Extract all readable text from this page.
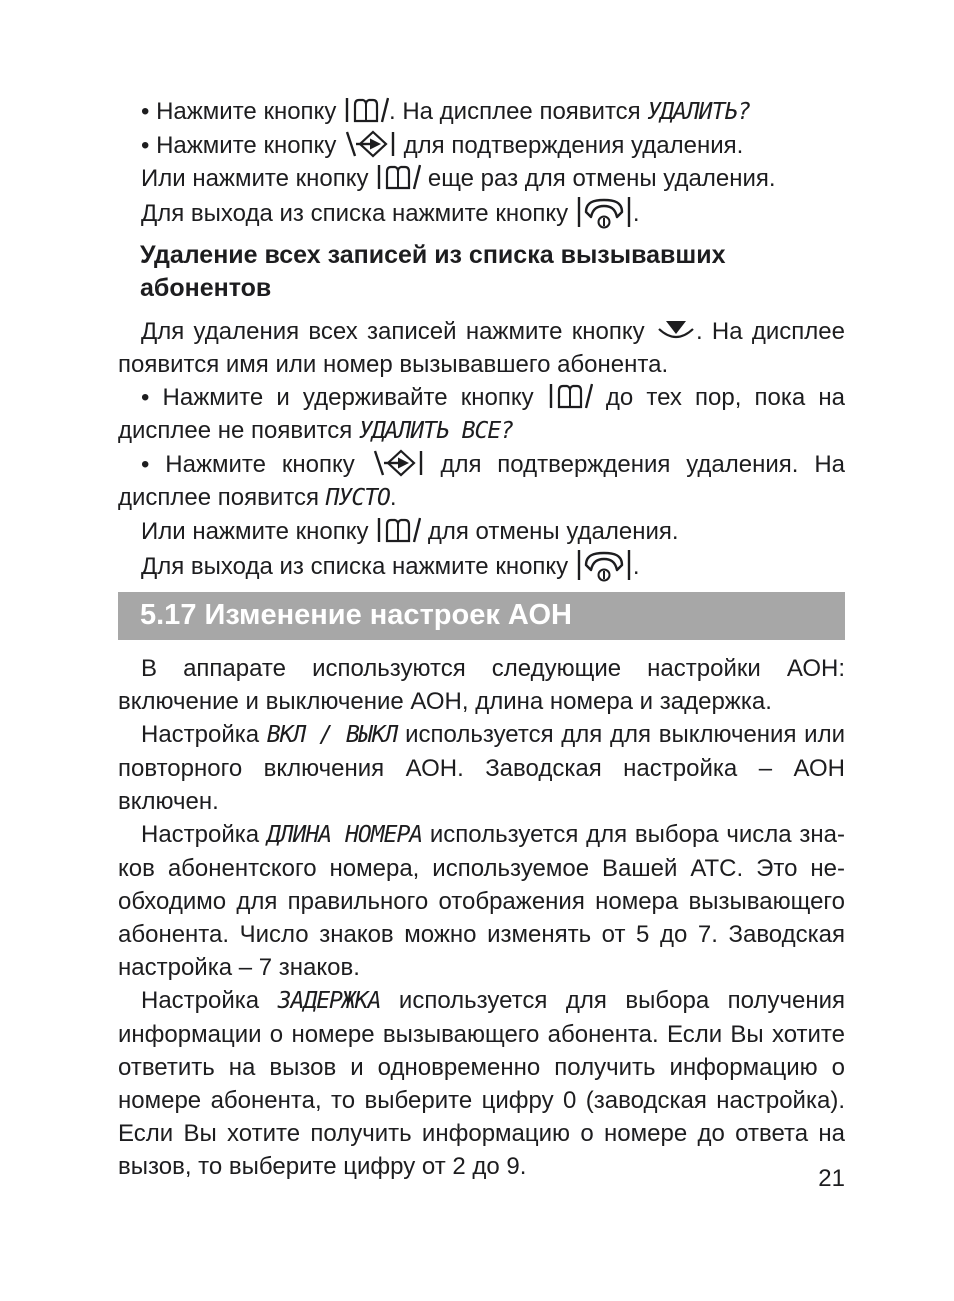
• Нажмите кнопку . На дисплее появится УДАЛИТЬ?

• Нажмите кнопку  для подтверждения удаления.

Или нажмите кнопку  еще раз для отмены удаления.

Для выхода из списка нажмите кнопку .

Удаление всех записей из списка вызывавших абонентов

Для удаления всех записей нажмите кнопку . На дисплее появится имя или номер вызывавшего абонента.

• Нажмите и удерживайте кнопку  до тех пор, пока на дисплее не появится УДАЛИТЬ ВСЕ?

• Нажмите кнопку  для подтверждения удаления. На дисплее появится ПУСТО.

Или нажмите кнопку  для отмены удаления.

Для выхода из списка нажмите кнопку .

5.17 Изменение настроек АОН

В аппарате используются следующие настройки АОН: включение и выключение АОН, длина номера и задержка.

Настройка ВКЛ / ВЫКЛ используется для для выключения или повторного включения АОН. Заводская настройка – АОН включен.

Настройка ДЛИНА НОМЕРА используется для выбора числа знаков абонентского номера, используемое Вашей АТС. Это необходимо для правильного отображения номера вызывающего абонента. Число знаков можно изменять от 5 до 7. Заводская настройка – 7 знаков.

Настройка ЗАДЕРЖКА используется для выбора получения информации о номере вызывающего абонента. Если Вы хотите ответить на вызов и одновременно получить информацию о номере абонента, то выберите цифру 0 (заводская настройка). Если Вы хотите получить информацию о номере до ответа на вызов, то выберите цифру от 2 до 9.	21
